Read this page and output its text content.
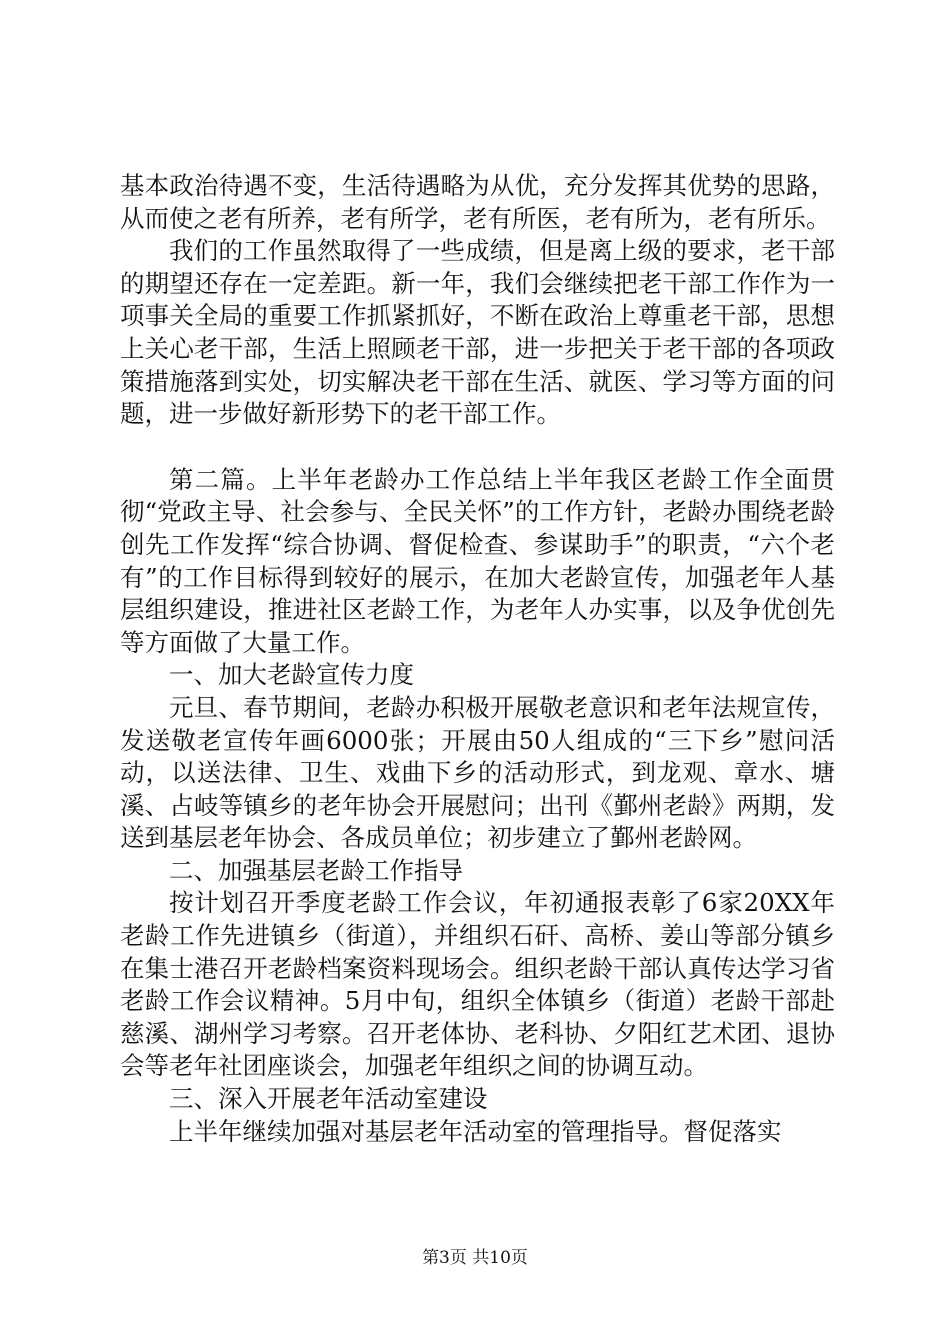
基本政治待遇不变，生活待遇略为从优，充分发挥其优势的思路，从而使之老有所养，老有所学，老有所医，老有所为，老有所乐。

我们的工作虽然取得了一些成绩，但是离上级的要求，老干部的期望还存在一定差距。新一年，我们会继续把老干部工作作为一项事关全局的重要工作抓紧抓好，不断在政治上尊重老干部，思想上关心老干部，生活上照顾老干部，进一步把关于老干部的各项政策措施落到实处，切实解决老干部在生活、就医、学习等方面的问题，进一步做好新形势下的老干部工作。

第二篇。上半年老龄办工作总结上半年我区老龄工作全面贯彻“党政主导、社会参与、全民关怀”的工作方针，老龄办围绕老龄创先工作发挥“综合协调、督促检查、参谋助手”的职责，“六个老有”的工作目标得到较好的展示，在加大老龄宣传，加强老年人基层组织建设，推进社区老龄工作，为老年人办实事，以及争优创先等方面做了大量工作。

一、加大老龄宣传力度

元旦、春节期间，老龄办积极开展敬老意识和老年法规宣传，发送敬老宣传年画6000张；开展由50人组成的“三下乡”慰问活动，以送法律、卫生、戏曲下乡的活动形式，到龙观、章水、塘溪、占岐等镇乡的老年协会开展慰问；出刊《鄞州老龄》两期，发送到基层老年协会、各成员单位；初步建立了鄞州老龄网。

二、加强基层老龄工作指导

按计划召开季度老龄工作会议，年初通报表彰了6家20XX年老龄工作先进镇乡（街道），并组织石矸、高桥、姜山等部分镇乡在集士港召开老龄档案资料现场会。组织老龄干部认真传达学习省老龄工作会议精神。5月中旬，组织全体镇乡（街道）老龄干部赴慈溪、湖州学习考察。召开老体协、老科协、夕阳红艺术团、退协会等老年社团座谈会，加强老年组织之间的协调互动。

三、深入开展老年活动室建设

上半年继续加强对基层老年活动室的管理指导。督促落实

第3页 共10页
